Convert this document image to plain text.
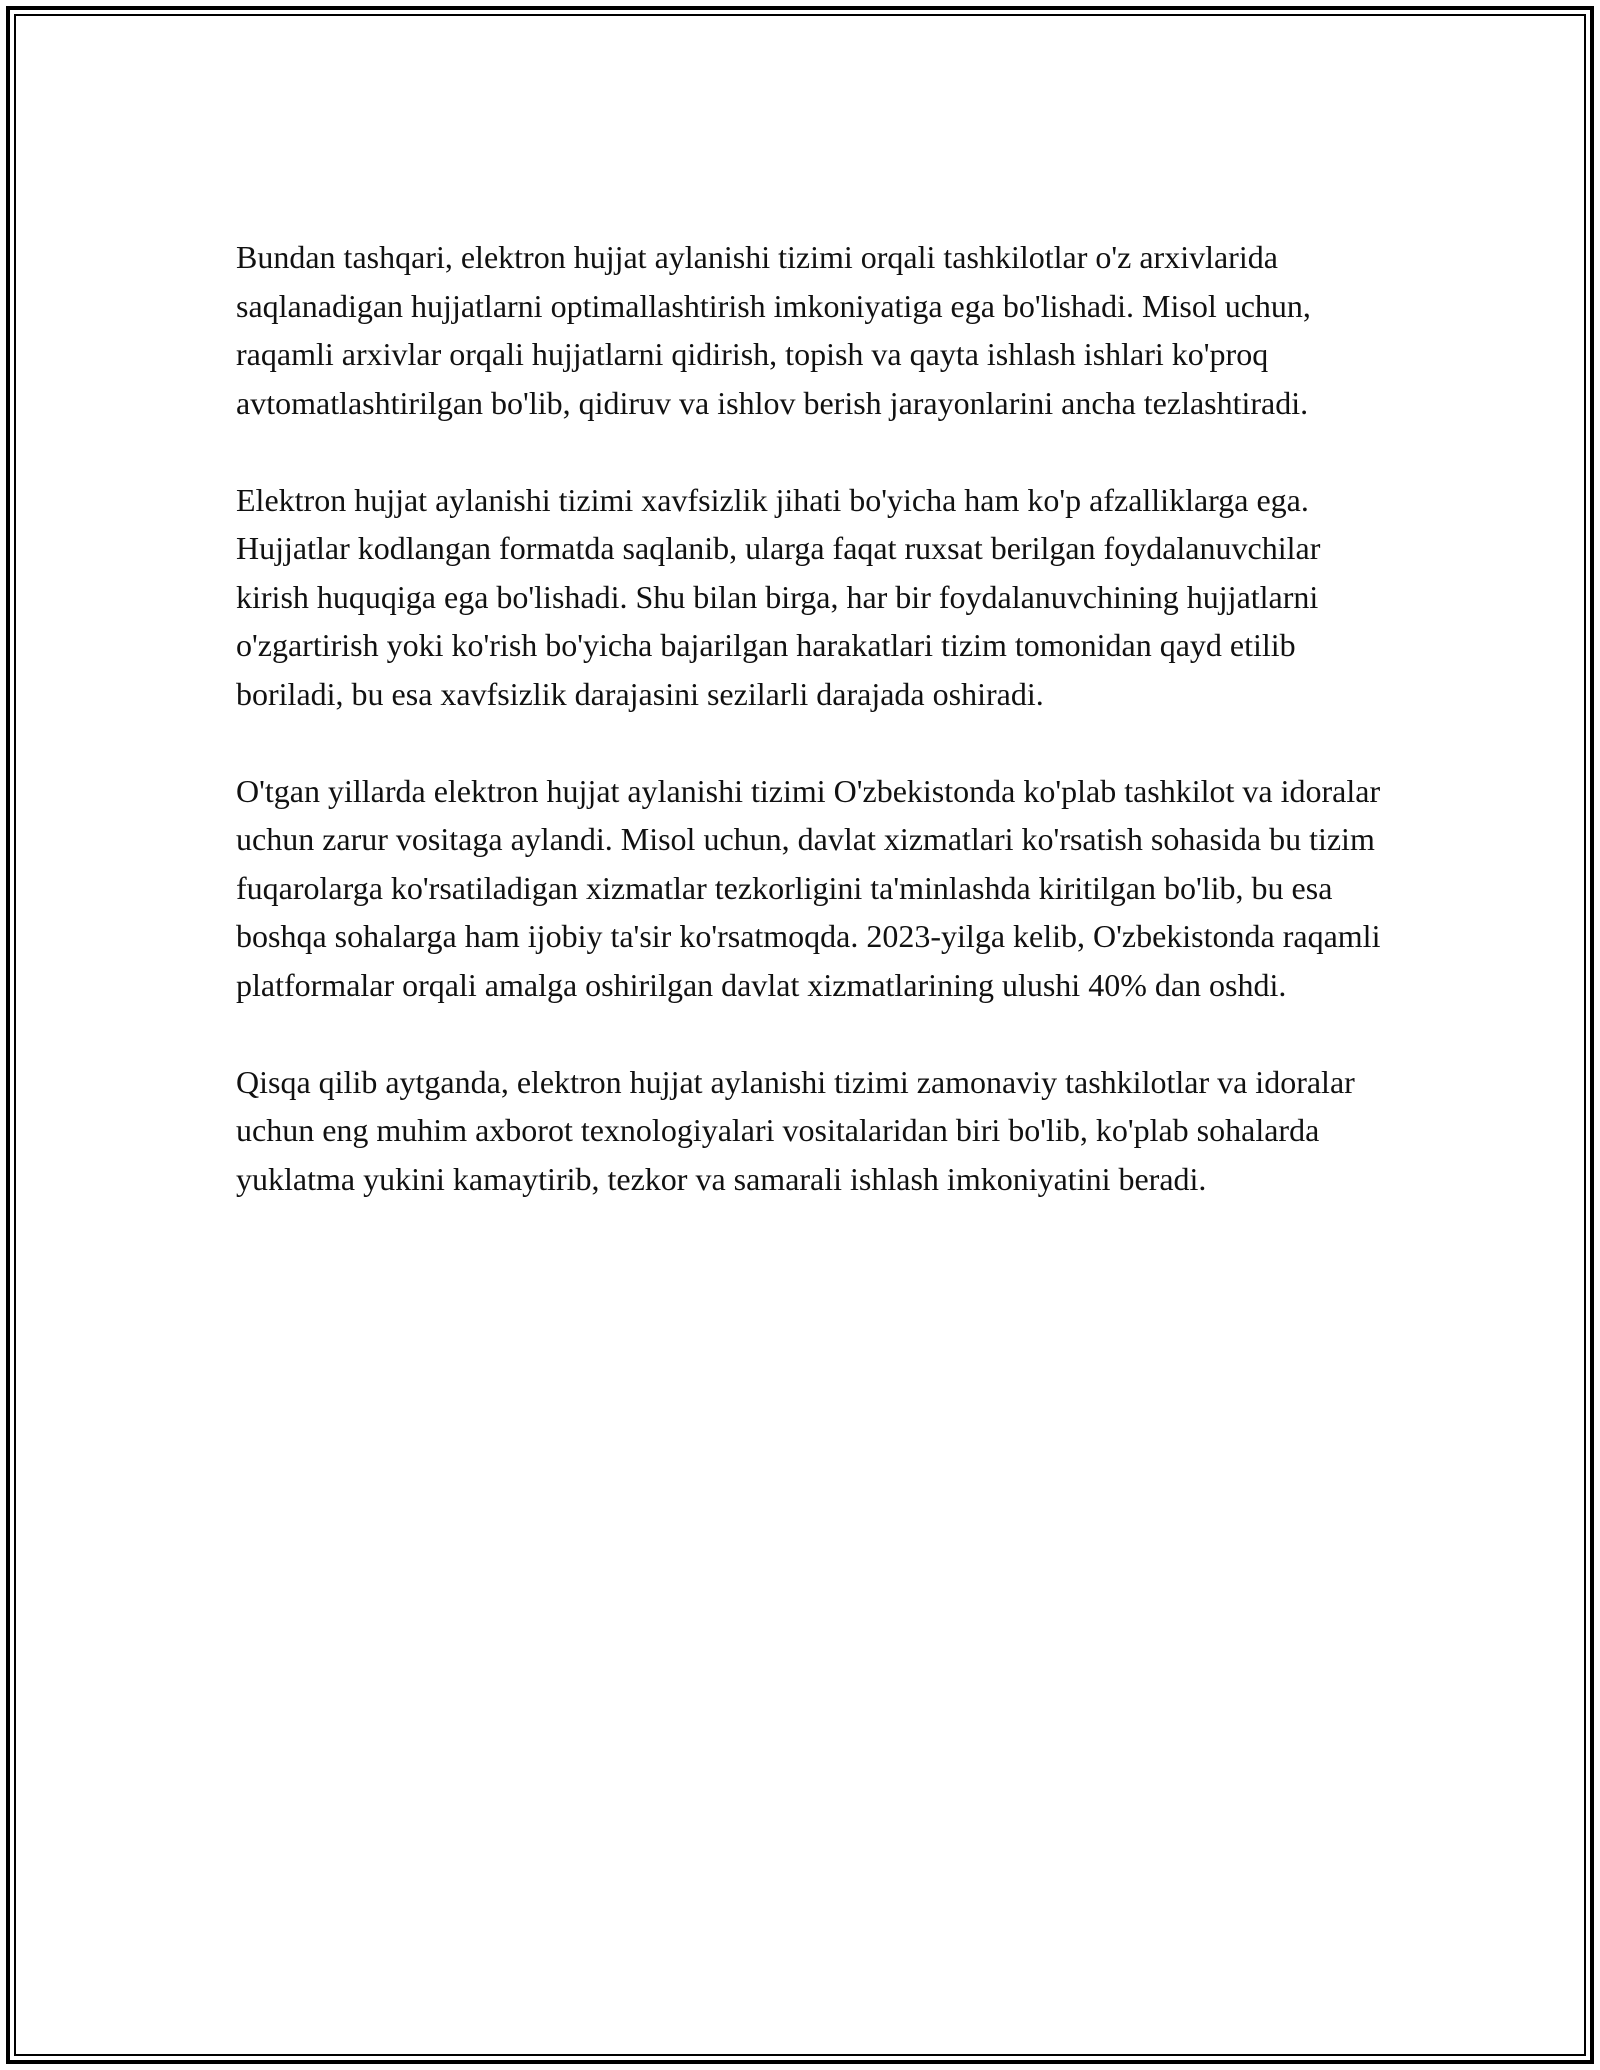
Bundan tashqari, elektron hujjat aylanishi tizimi orqali tashkilotlar o'z arxivlarida saqlanadigan hujjatlarni optimallashtirish imkoniyatiga ega bo'lishadi. Misol uchun, raqamli arxivlar orqali hujjatlarni qidirish, topish va qayta ishlash ishlari ko'proq avtomatlashtirilgan bo'lib, qidiruv va ishlov berish jarayonlarini ancha tezlashtiradi.

Elektron hujjat aylanishi tizimi xavfsizlik jihati bo'yicha ham ko'p afzalliklarga ega. Hujjatlar kodlangan formatda saqlanib, ularga faqat ruxsat berilgan foydalanuvchilar kirish huquqiga ega bo'lishadi. Shu bilan birga, har bir foydalanuvchining hujjatlarni o'zgartirish yoki ko'rish bo'yicha bajarilgan harakatlari tizim tomonidan qayd etilib boriladi, bu esa xavfsizlik darajasini sezilarli darajada oshiradi.

O'tgan yillarda elektron hujjat aylanishi tizimi O'zbekistonda ko'plab tashkilot va idoralar uchun zarur vositaga aylandi. Misol uchun, davlat xizmatlari ko'rsatish sohasida bu tizim fuqarolarga ko'rsatiladigan xizmatlar tezkorligini ta'minlashda kiritilgan bo'lib, bu esa boshqa sohalarga ham ijobiy ta'sir ko'rsatmoqda. 2023-yilga kelib, O'zbekistonda raqamli platformalar orqali amalga oshirilgan davlat xizmatlarining ulushi 40% dan oshdi.

Qisqa qilib aytganda, elektron hujjat aylanishi tizimi zamonaviy tashkilotlar va idoralar uchun eng muhim axborot texnologiyalari vositalaridan biri bo'lib, ko'plab sohalarda yuklatma yukini kamaytirib, tezkor va samarali ishlash imkoniyatini beradi.
